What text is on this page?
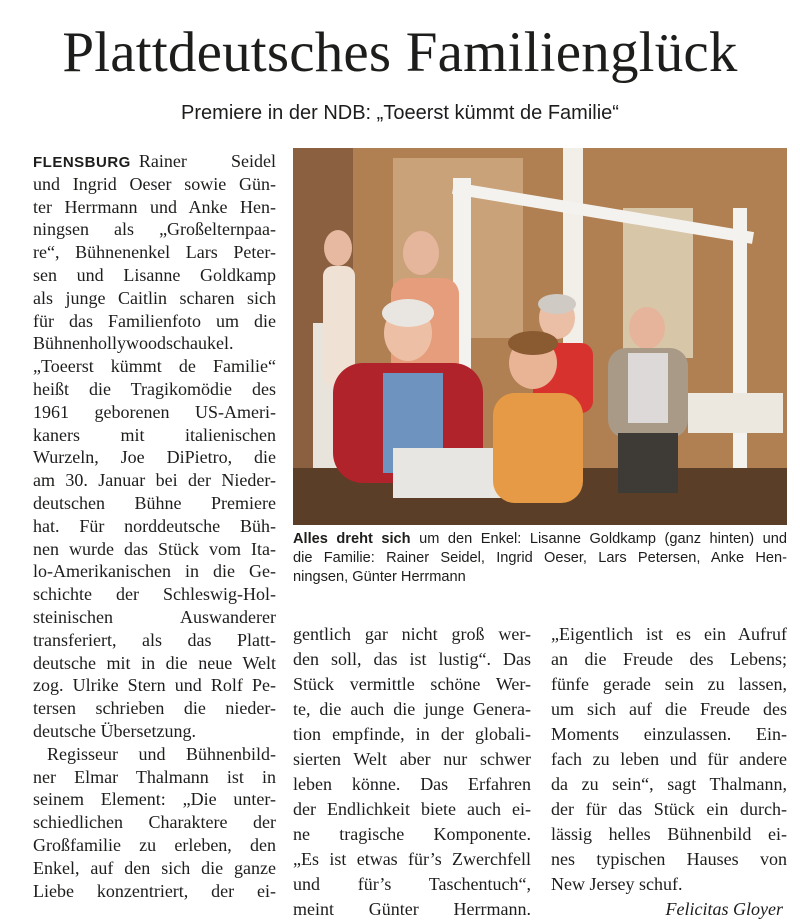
Plattdeutsches Familienglück
Premiere in der NDB: „Toeerst kümmt de Familie“
FLENSBURG Rainer Seidel
und Ingrid Oeser sowie Gün-
ter Herrmann und Anke Hen-
ningsen als „Großelternpaa-
re“, Bühnenenkel Lars Peter-
sen und Lisanne Goldkamp
als junge Caitlin scharen sich
für das Familienfoto um die
Bühnenhollywoodschaukel.
„Toeerst kümmt de Familie“
heißt die Tragikomödie des
1961 geborenen US-Ameri-
kaners mit italienischen
Wurzeln, Joe DiPietro, die
am 30. Januar bei der Nieder-
deutschen Bühne Premiere
hat. Für norddeutsche Büh-
nen wurde das Stück vom Ita-
lo-Amerikanischen in die Ge-
schichte der Schleswig-Hol-
steinischen Auswanderer
transferiert, als das Platt-
deutsche mit in die neue Welt
zog. Ulrike Stern und Rolf Pe-
tersen schrieben die nieder-
deutsche Übersetzung.
Regisseur und Bühnenbild-
ner Elmar Thalmann ist in
seinem Element: „Die unter-
schiedlichen Charaktere der
Großfamilie zu erleben, den
Enkel, auf den sich die ganze
Liebe konzentriert, der ei-
Alles dreht sich um den Enkel: Lisanne Goldkamp (ganz hinten) und
die Familie: Rainer Seidel, Ingrid Oeser, Lars Petersen, Anke Hen-
ningsen, Günter Herrmann
gentlich gar nicht groß wer-
den soll, das ist lustig“. Das
Stück vermittle schöne Wer-
te, die auch die junge Genera-
tion empfinde, in der globali-
sierten Welt aber nur schwer
leben könne. Das Erfahren
der Endlichkeit biete auch ei-
ne tragische Komponente.
„Es ist etwas für’s Zwerchfell
und für’s Taschentuch“,
meint Günter Herrmann.
„Eigentlich ist es ein Aufruf
an die Freude des Lebens;
fünfe gerade sein zu lassen,
um sich auf die Freude des
Moments einzulassen. Ein-
fach zu leben und für andere
da zu sein“, sagt Thalmann,
der für das Stück ein durch-
lässig helles Bühnenbild ei-
nes typischen Hauses von
New Jersey schuf.
Felicitas Gloyer
